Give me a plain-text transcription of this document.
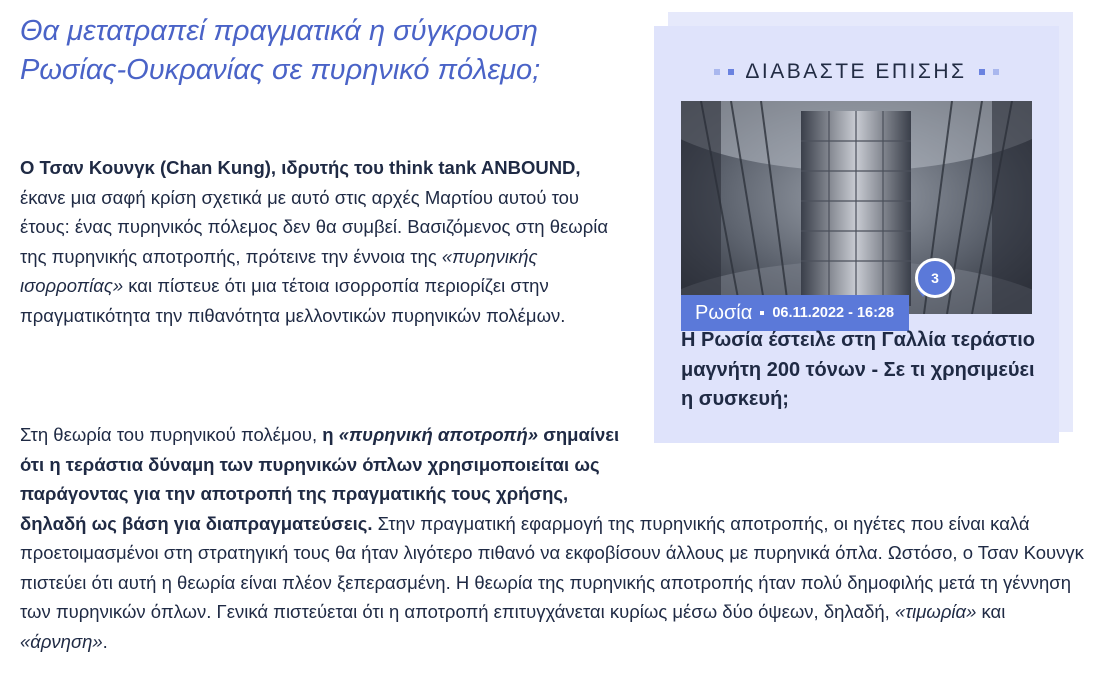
Θα μετατραπεί πραγματικά η σύγκρουση Ρωσίας-Ουκρανίας σε πυρηνικό πόλεμο;

Ο Τσαν Κουνγκ (Chan Kung), ιδρυτής του think tank ANBOUND, έκανε μια σαφή κρίση σχετικά με αυτό στις αρχές Μαρτίου αυτού του έτους: ένας πυρηνικός πόλεμος δεν θα συμβεί. Βασιζόμενος στη θεωρία της πυρηνικής αποτροπής, πρότεινε την έννοια της «πυρηνικής ισορροπίας» και πίστευε ότι μια τέτοια ισορροπία περιορίζει στην πραγματικότητα την πιθανότητα μελλοντικών πυρηνικών πολέμων.

Στη θεωρία του πυρηνικού πολέμου, η «πυρηνική αποτροπή» σημαίνει ότι η τεράστια δύναμη των πυρηνικών όπλων χρησιμοποιείται ως παράγοντας για την αποτροπή της πραγματικής τους χρήσης, δηλαδή ως βάση για διαπραγματεύσεις. Στην πραγματική εφαρμογή της πυρηνικής αποτροπής, οι ηγέτες που είναι καλά προετοιμασμένοι στη στρατηγική τους θα ήταν λιγότερο πιθανό να εκφοβίσουν άλλους με πυρηνικά όπλα. Ωστόσο, ο Τσαν Κουνγκ πιστεύει ότι αυτή η θεωρία είναι πλέον ξεπερασμένη. Η θεωρία της πυρηνικής αποτροπής ήταν πολύ δημοφιλής μετά τη γέννηση των πυρηνικών όπλων. Γενικά πιστεύεται ότι η αποτροπή επιτυγχάνεται κυρίως μέσω δύο όψεων, δηλαδή, «τιμωρία» και «άρνηση».

ΔΙΑΒΑΣΤΕ ΕΠΙΣΗΣ
Ρωσία 06.11.2022 - 16:28
3

Η Ρωσία έστειλε στη Γαλλία τεράστιο μαγνήτη 200 τόνων - Σε τι χρησιμεύει η συσκευή;
